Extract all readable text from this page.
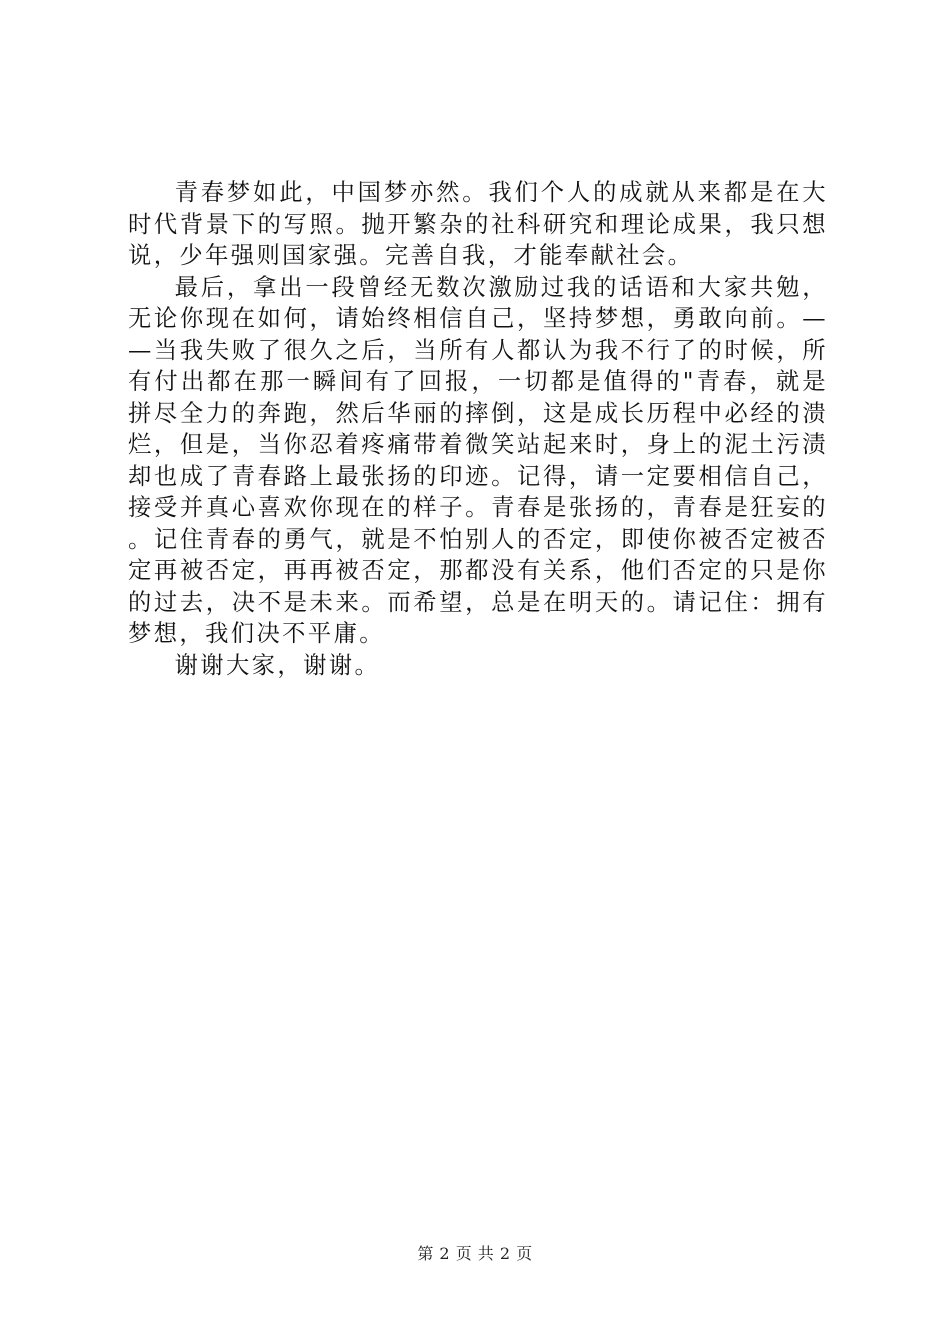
青春梦如此，中国梦亦然。我们个人的成就从来都是在大时代背景下的写照。抛开繁杂的社科研究和理论成果，我只想说，少年强则国家强。完善自我，才能奉献社会。

最后，拿出一段曾经无数次激励过我的话语和大家共勉，无论你现在如何，请始终相信自己，坚持梦想，勇敢向前。——当我失败了很久之后，当所有人都认为我不行了的时候，所有付出都在那一瞬间有了回报，一切都是值得的"青春，就是拼尽全力的奔跑，然后华丽的摔倒，这是成长历程中必经的溃烂，但是，当你忍着疼痛带着微笑站起来时，身上的泥土污渍却也成了青春路上最张扬的印迹。记得，请一定要相信自己，接受并真心喜欢你现在的样子。青春是张扬的，青春是狂妄的。记住青春的勇气，就是不怕别人的否定，即使你被否定被否定再被否定，再再被否定，那都没有关系，他们否定的只是你的过去，决不是未来。而希望，总是在明天的。请记住：拥有梦想，我们决不平庸。

谢谢大家，谢谢。

第 2 页 共 2 页
